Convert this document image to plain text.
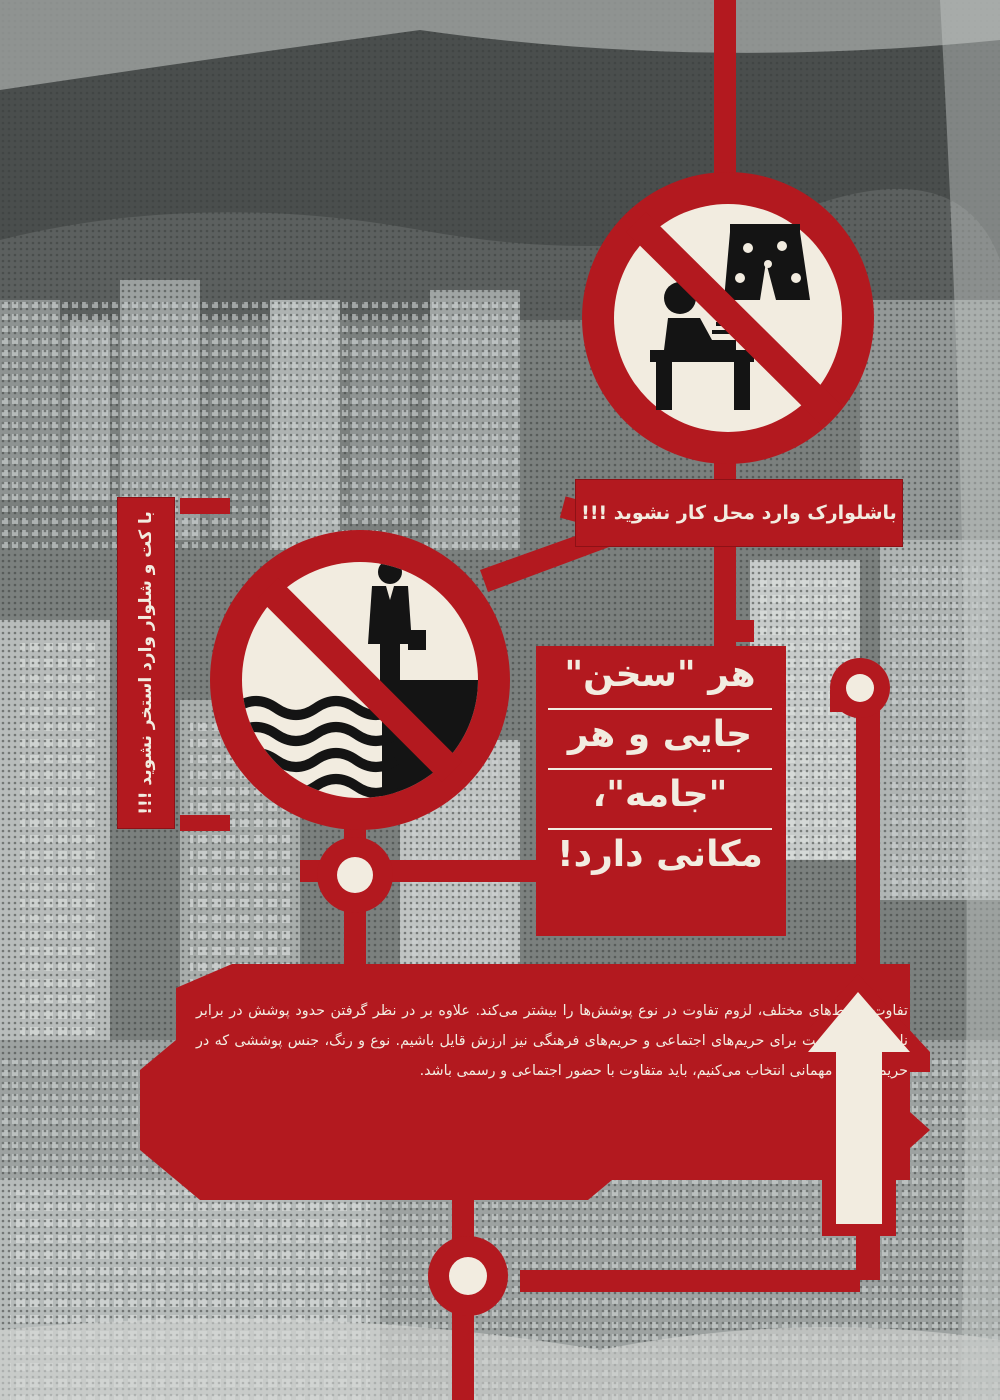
باشلوارک وارد محل کار نشوید !!!
با کت و شلوار وارد استخر نشوید !!!	هر "سخن"
جایی و هر
"جامه"،
مکانی دارد!
تفاوت محیط‌های مختلف، لزوم تفاوت در نوع پوشش‌ها را بیشتر می‌کند. علاوه بر در نظر گرفتن حدود پوشش در برابر نامحرم می‌بایست برای حریم‌های اجتماعی و حریم‌های فرهنگی نیز ارزش قایل باشیم. نوع و رنگ، جنس پوششی که در حریم خانه و مهمانی انتخاب می‌کنیم، باید متفاوت با حضور اجتماعی و رسمی باشد.
